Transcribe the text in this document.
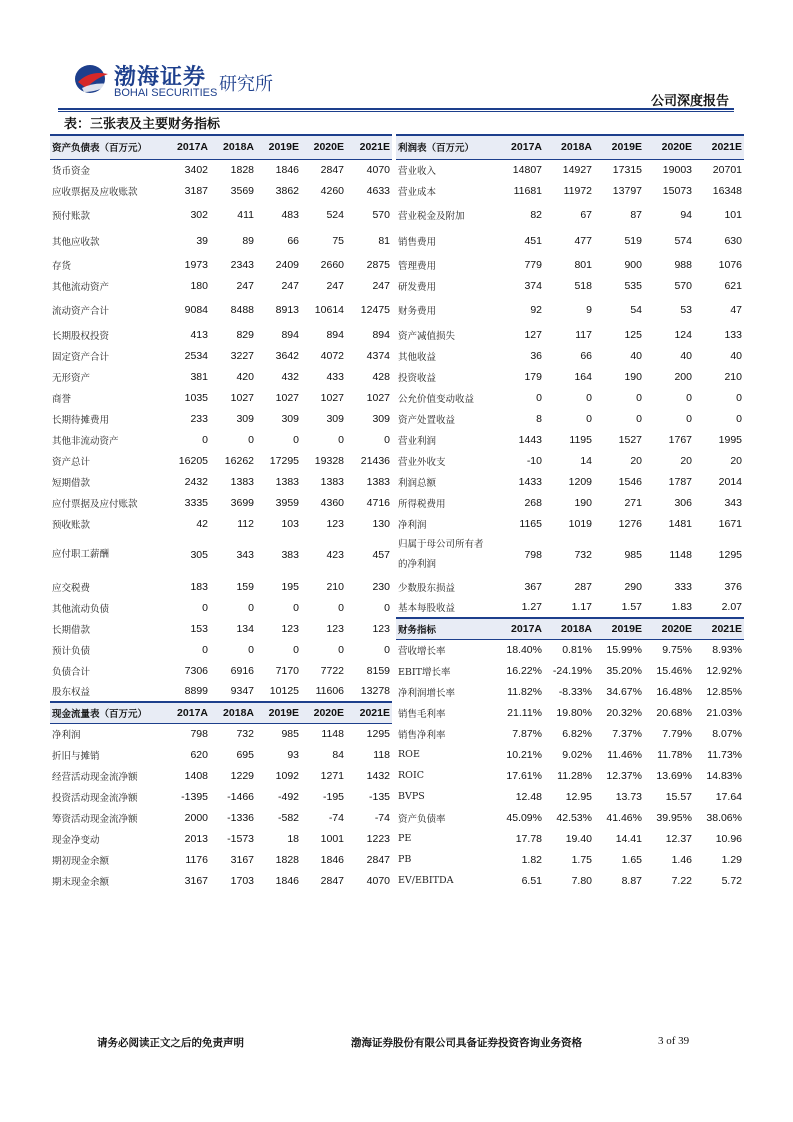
渤海证券
BOHAI SECURITIES 研究所
公司深度报告
表：三张表及主要财务指标
资产负债表（百万元）	2017A	2018A	2019E	2020E	2021E
货币资金	3402	1828	1846	2847	4070
应收票据及应收账款	3187	3569	3862	4260	4633
预付账款	302	411	483	524	570
其他应收款	39	89	66	75	81
存货	1973	2343	2409	2660	2875
其他流动资产	180	247	247	247	247
流动资产合计	9084	8488	8913	10614	12475
长期股权投资	413	829	894	894	894
固定资产合计	2534	3227	3642	4072	4374
无形资产	381	420	432	433	428
商誉	1035	1027	1027	1027	1027
长期待摊费用	233	309	309	309	309
其他非流动资产	0	0	0	0	0
资产总计	16205	16262	17295	19328	21436
短期借款	2432	1383	1383	1383	1383
应付票据及应付账款	3335	3699	3959	4360	4716
预收账款	42	112	103	123	130
应付职工薪酬	305	343	383	423	457
应交税费	183	159	195	210	230
其他流动负债	0	0	0	0	0
长期借款	153	134	123	123	123
预计负债	0	0	0	0	0
负债合计	7306	6916	7170	7722	8159
股东权益	8899	9347	10125	11606	13278
现金流量表（百万元）	2017A	2018A	2019E	2020E	2021E
净利润	798	732	985	1148	1295
折旧与摊销	620	695	93	84	118
经营活动现金流净额	1408	1229	1092	1271	1432
投资活动现金流净额	-1395	-1466	-492	-195	-135
筹资活动现金流净额	2000	-1336	-582	-74	-74
现金净变动	2013	-1573	18	1001	1223
期初现金余额	1176	3167	1828	1846	2847
期末现金余额	3167	1703	1846	2847	4070
利润表（百万元）	2017A	2018A	2019E	2020E	2021E
营业收入	14807	14927	17315	19003	20701
营业成本	11681	11972	13797	15073	16348
营业税金及附加	82	67	87	94	101
销售费用	451	477	519	574	630
管理费用	779	801	900	988	1076
研发费用	374	518	535	570	621
财务费用	92	9	54	53	47
资产减值损失	127	117	125	124	133
其他收益	36	66	40	40	40
投资收益	179	164	190	200	210
公允价值变动收益	0	0	0	0	0
资产处置收益	8	0	0	0	0
营业利润	1443	1195	1527	1767	1995
营业外收支	-10	14	20	20	20
利润总额	1433	1209	1546	1787	2014
所得税费用	268	190	271	306	343
净利润	1165	1019	1276	1481	1671
归属于母公司所有者的净利润	798	732	985	1148	1295
少数股东损益	367	287	290	333	376
基本每股收益	1.27	1.17	1.57	1.83	2.07
财务指标	2017A	2018A	2019E	2020E	2021E
营收增长率	18.40%	0.81%	15.99%	9.75%	8.93%
EBIT增长率	16.22%	-24.19%	35.20%	15.46%	12.92%
净利润增长率	11.82%	-8.33%	34.67%	16.48%	12.85%
销售毛利率	21.11%	19.80%	20.32%	20.68%	21.03%
销售净利率	7.87%	6.82%	7.37%	7.79%	8.07%
ROE	10.21%	9.02%	11.46%	11.78%	11.73%
ROIC	17.61%	11.28%	12.37%	13.69%	14.83%
BVPS	12.48	12.95	13.73	15.57	17.64
资产负债率	45.09%	42.53%	41.46%	39.95%	38.06%
PE	17.78	19.40	14.41	12.37	10.96
PB	1.82	1.75	1.65	1.46	1.29
EV/EBITDA	6.51	7.80	8.87	7.22	5.72
请务必阅读正文之后的免责声明	渤海证券股份有限公司具备证券投资咨询业务资格	3 of 39
